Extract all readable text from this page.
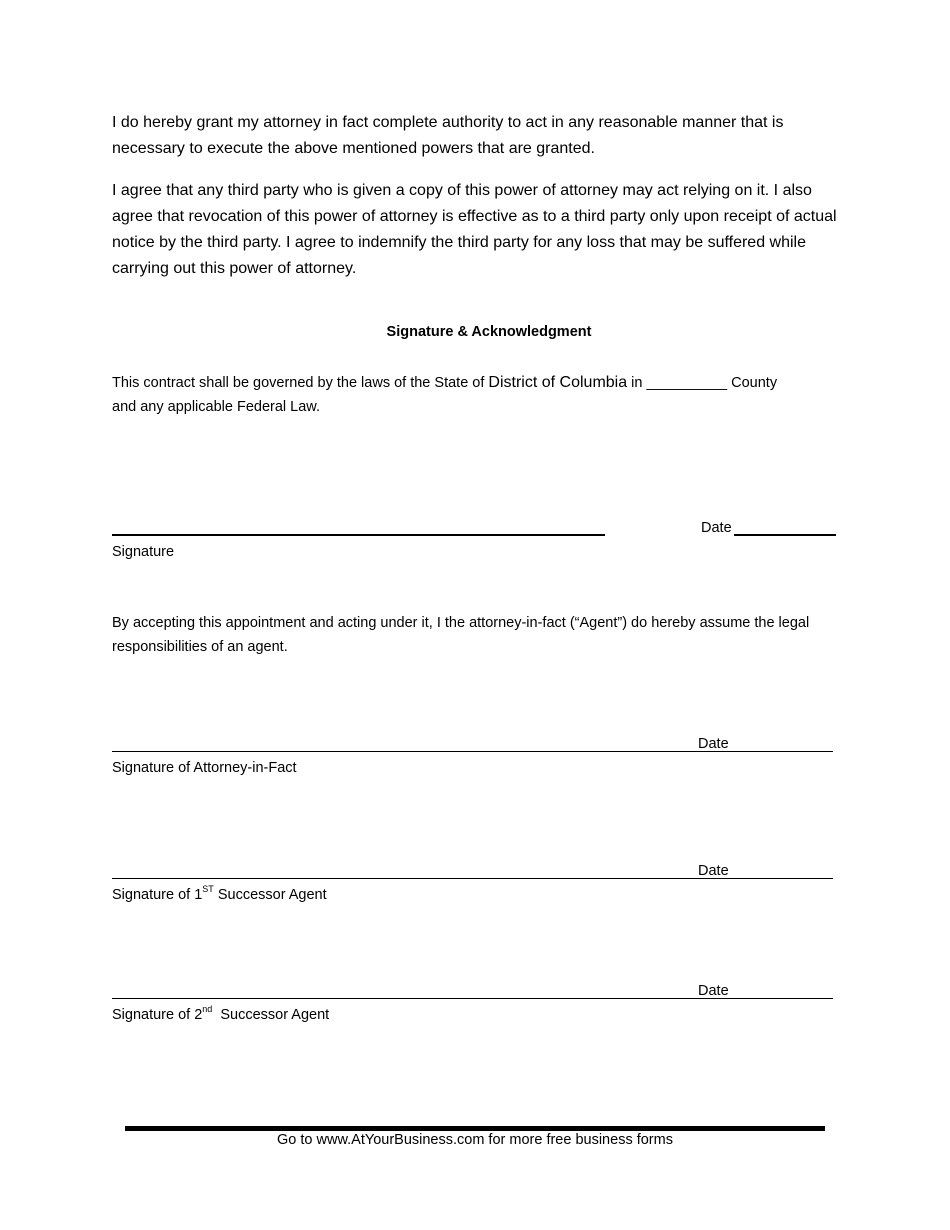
I do hereby grant my attorney in fact complete authority to act in any reasonable manner that is necessary to execute the above mentioned powers that are granted.

I agree that any third party who is given a copy of this power of attorney may act relying on it. I also agree that revocation of this power of attorney is effective as to a third party only upon receipt of actual notice by the third party. I agree to indemnify the third party for any loss that may be suffered while carrying out this power of attorney.

Signature & Acknowledgment
This contract shall be governed by the laws of the State of District of Columbia in __________ County
and any applicable Federal Law.
Date
Signature

By accepting this appointment and acting under it, I the attorney-in-fact (“Agent”) do hereby assume the legal responsibilities of an agent.

Date
Signature of Attorney-in-Fact
Date
Signature of 1ST Successor Agent
Date
Signature of 2nd  Successor Agent
Go to www.AtYourBusiness.com for more free business forms
